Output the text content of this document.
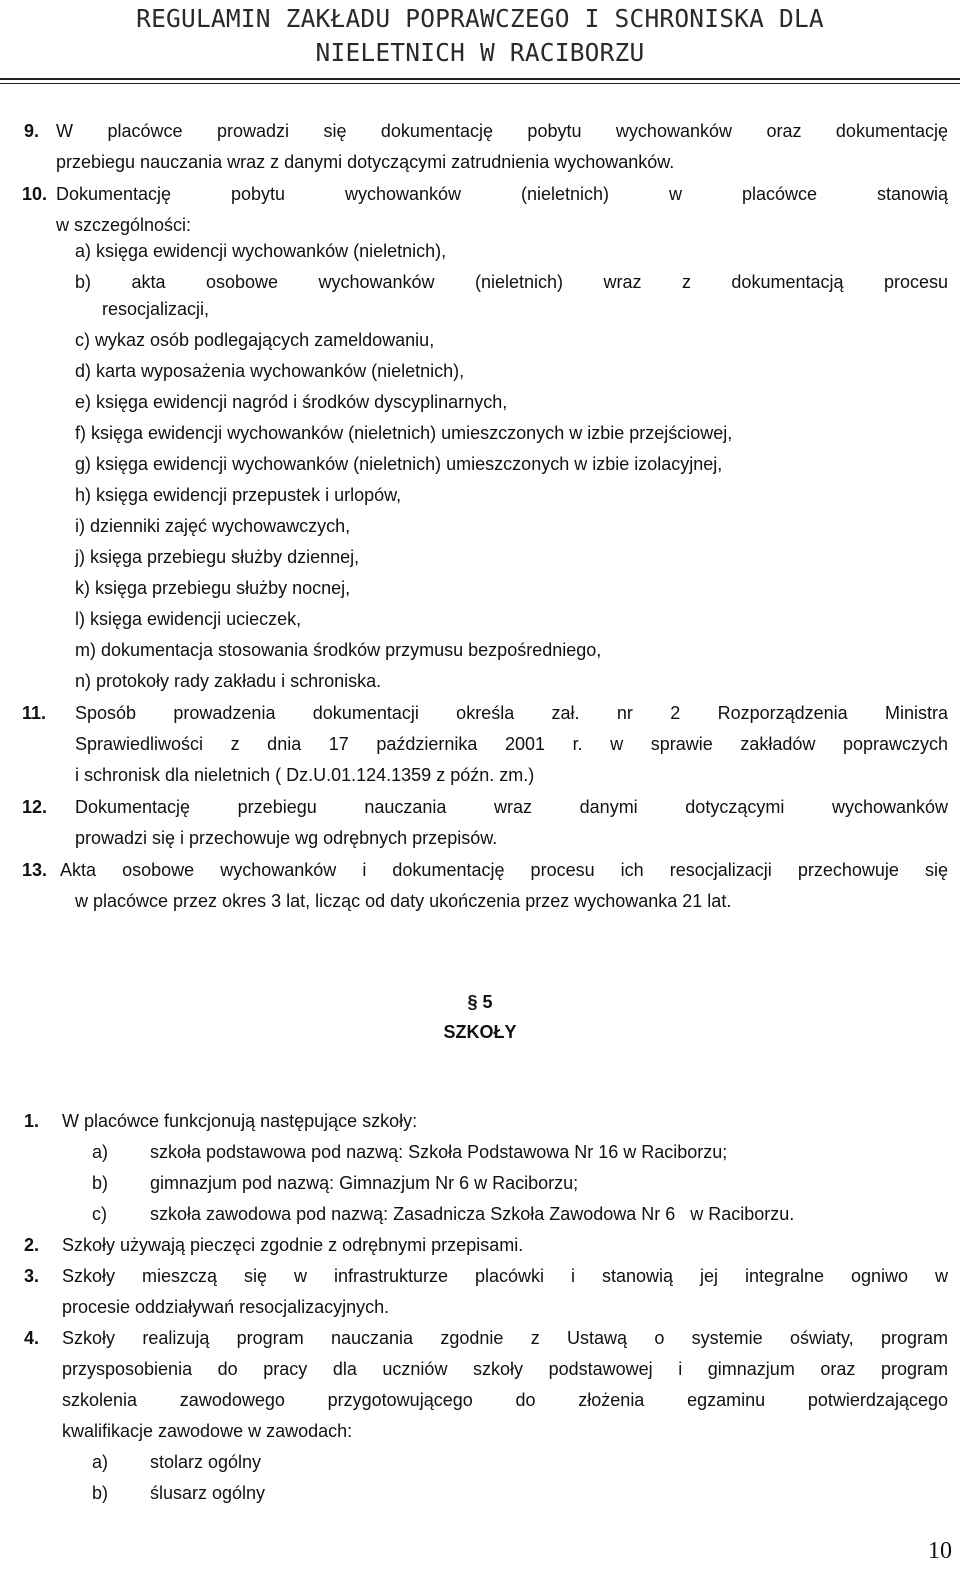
REGULAMIN ZAKŁADU POPRAWCZEGO I SCHRONISKA DLA
NIELETNICH W RACIBORZU
9. W placówce prowadzi się dokumentację pobytu wychowanków oraz dokumentację
przebiegu nauczania wraz z danymi dotyczącymi zatrudnienia wychowanków.
10. Dokumentację pobytu wychowanków (nieletnich) w placówce stanowią
w szczególności:
a) księga ewidencji wychowanków (nieletnich),
b) akta osobowe wychowanków (nieletnich) wraz z dokumentacją procesu
resocjalizacji,
c) wykaz osób podlegających zameldowaniu,
d) karta wyposażenia wychowanków (nieletnich),
e) księga ewidencji nagród i środków dyscyplinarnych,
f) księga ewidencji wychowanków (nieletnich) umieszczonych w izbie przejściowej,
g) księga ewidencji wychowanków (nieletnich) umieszczonych w izbie izolacyjnej,
h) księga ewidencji przepustek i urlopów,
i) dzienniki zajęć wychowawczych,
j) księga przebiegu służby dziennej,
k) księga przebiegu służby nocnej,
l) księga ewidencji ucieczek,
m) dokumentacja stosowania środków przymusu bezpośredniego,
n) protokoły rady zakładu i schroniska.
11. Sposób prowadzenia dokumentacji określa zał. nr 2 Rozporządzenia Ministra
Sprawiedliwości z dnia 17 października 2001 r. w sprawie zakładów poprawczych
i schronisk dla nieletnich ( Dz.U.01.124.1359 z późn. zm.)
12. Dokumentację przebiegu nauczania wraz danymi dotyczącymi wychowanków
prowadzi się i przechowuje wg odrębnych przepisów.
13. Akta osobowe wychowanków i dokumentację procesu ich resocjalizacji przechowuje się
w placówce przez okres 3 lat, licząc od daty ukończenia przez wychowanka 21 lat.
§ 5
SZKOŁY
1. W placówce funkcjonują następujące szkoły:
a) szkoła podstawowa pod nazwą: Szkoła Podstawowa Nr 16 w Raciborzu;
b) gimnazjum pod nazwą: Gimnazjum Nr 6 w Raciborzu;
c) szkoła zawodowa pod nazwą: Zasadnicza Szkoła Zawodowa Nr 6   w Raciborzu.
2. Szkoły używają pieczęci zgodnie z odrębnymi przepisami.
3. Szkoły mieszczą się w infrastrukturze placówki i stanowią jej integralne ogniwo w
procesie oddziaływań resocjalizacyjnych.
4. Szkoły realizują program nauczania zgodnie z Ustawą o systemie oświaty, program
przysposobienia do pracy dla uczniów szkoły podstawowej i gimnazjum oraz program
szkolenia zawodowego przygotowującego do złożenia egzaminu potwierdzającego
kwalifikacje zawodowe w zawodach:
a) stolarz ogólny
b) ślusarz ogólny
10
